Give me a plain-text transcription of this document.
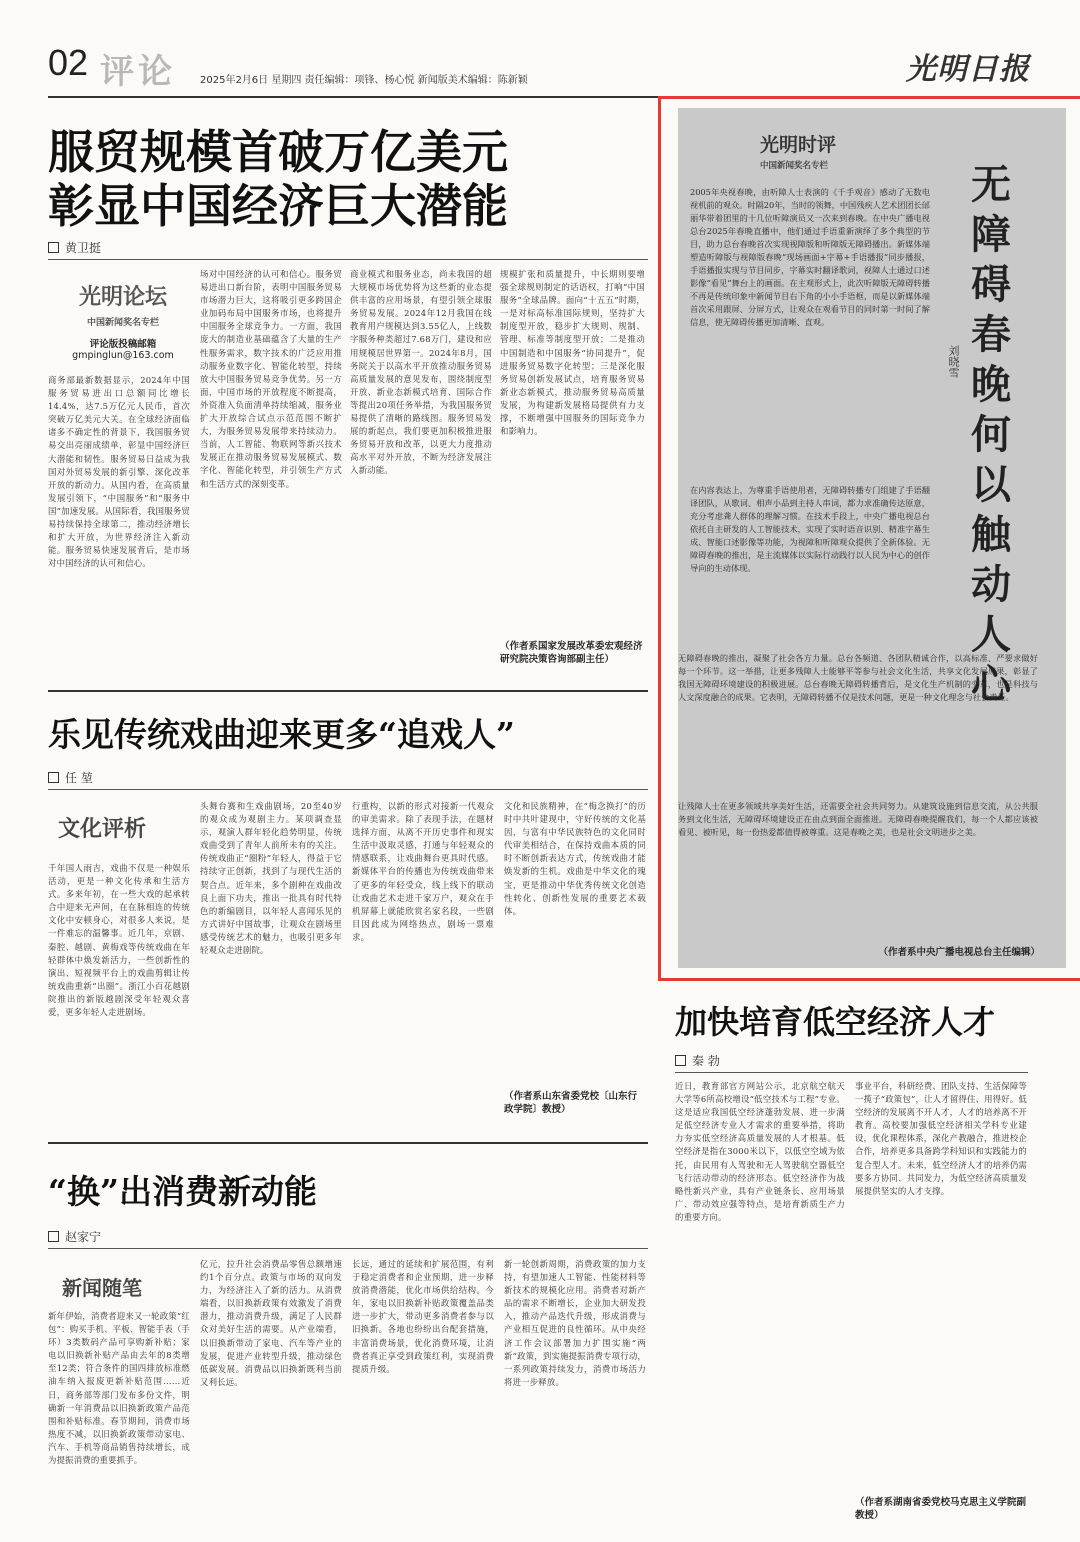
02 评论 2025年2月6日 星期四 责任编辑：项锋、杨心悦 新闻版美术编辑：陈新颖	光明日报
服贸规模首破万亿美元
彰显中国经济巨大潜能
黄卫挺
光明论坛
中国新闻奖名专栏
评论版投稿邮箱
gmpinglun@163.com
商务部最新数据显示，2024年中国服务贸易进出口总额同比增长14.4%，达7.5万亿元人民币，首次突破万亿美元大关。在全球经济面临诸多不确定性的背景下，我国服务贸易交出亮丽成绩单，彰显中国经济巨大潜能和韧性。服务贸易日益成为我国对外贸易发展的新引擎、深化改革开放的新动力。从国内看，在高质量发展引领下，“中国服务”和“服务中国”加速发展。从国际看，我国服务贸易持续保持全球第二，推动经济增长和扩大开放，为世界经济注入新动能。服务贸易快速发展背后，是市场对中国经济的认可和信心。
场对中国经济的认可和信心。服务贸易进出口新台阶，表明中国服务贸易市场潜力巨大，这将吸引更多跨国企业加码布局中国服务市场，也将提升中国服务全球竞争力。一方面，我国庞大的制造业基础蕴含了大量的生产性服务需求，数字技术的广泛应用推动服务业数字化、智能化转型，持续放大中国服务贸易竞争优势。另一方面，中国市场的开放程度不断提高，外资准入负面清单持续缩减，服务业扩大开放综合试点示范范围不断扩大，为服务贸易发展带来持续动力。当前，人工智能、物联网等新兴技术发展正在推动服务贸易发展模式、数字化、智能化转型，并引领生产方式和生活方式的深刻变革。
商业模式和服务业态，尚未我国的超大规模市场优势将为这些新的业态提供丰富的应用场景，有望引领全球服务贸易发展。2024年12月我国在线教育用户规模达到3.55亿人，上线数字服务种类超过7.68万门，建设和应用规模居世界第一。2024年8月，国务院关于以高水平开放推动服务贸易高质量发展的意见发布，围绕制度型开放、新业态新模式培育、国际合作等提出20项任务举措，为我国服务贸易提供了清晰的路线图。服务贸易发展的新起点，我们要更加积极推进服务贸易开放和改革，以更大力度推动高水平对外开放，不断为经济发展注入新动能。
规模扩张和质量提升，中长期则要增强全球规则制定的话语权，打响“中国服务”全球品牌。面向“十五五”时期，一是对标高标准国际规则，坚持扩大制度型开放，稳步扩大规则、规制、管理、标准等制度型开放；二是推动中国制造和中国服务“协同提升”，促进服务贸易数字化转型；三是深化服务贸易创新发展试点，培育服务贸易新业态新模式，推动服务贸易高质量发展，为构建新发展格局提供有力支撑，不断增强中国服务的国际竞争力和影响力。
（作者系国家发展改革委宏观经济研究院决策咨询部副主任）
乐见传统戏曲迎来更多“追戏人”
任 堃
文化评析
千年国人雨吉，戏曲不仅是一种娱乐活动，更是一种文化传承和生活方式。多来年初，在一些大戏的起承转合中迎来无声间，在在脉相连的传统文化中安顿身心，对很多人来说，是一件难忘的温馨事。近几年，京剧、秦腔、越剧、黄梅戏等传统戏曲在年轻群体中焕发新活力，一些创新性的演出、短视频平台上的戏曲剪辑让传统戏曲重新“出圈”。浙江小百花越剧院推出的新版越剧深受年轻观众喜爱，更多年轻人走进剧场。
头舞台赛和生戏曲剧场，20至40岁的观众成为观剧主力。某项调查显示，观演人群年轻化趋势明显，传统戏曲受到了青年人前所未有的关注。传统戏曲正“圈粉”年轻人，得益于它持续守正创新，找到了与现代生活的契合点。近年来，多个剧种在戏曲改良上面下功夫，推出一批具有时代特色的新编剧目，以年轻人喜闻乐见的方式讲好中国故事，让观众在剧场里感受传统艺术的魅力，也吸引更多年轻观众走进剧院。
行重构，以新的形式对接新一代观众的审美需求。除了表现手法，在题材选择方面，从离不开历史事件和现实生活中汲取灵感，打通与年轻观众的情感联系，让戏曲舞台更具时代感。新媒体平台的传播也为传统戏曲带来了更多的年轻受众，线上线下的联动让戏曲艺术走进千家万户，观众在手机屏幕上就能欣赏名家名段，一些剧目因此成为网络热点，剧场一票难求。
文化和民族精神，在“梅念换打”的历时中共叶建现中，守好传统的文化基因，与富有中华民族特色的文化同时代审美相结合，在保持戏曲本质的同时不断创新表达方式，传统戏曲才能焕发新的生机。戏曲是中华文化的瑰宝，更是推动中华优秀传统文化创造性转化、创新性发展的重要艺术载体。
（作者系山东省委党校〔山东行政学院〕教授）
“换”出消费新动能
赵家宁
新闻随笔
新年伊始，消费者迎来又一轮政策“红包”：购买手机、平板、智能手表（手环）3类数码产品可享购新补贴；家电以旧换新补贴产品由去年的8类增至12类；符合条件的国四排放标准燃油车纳入报废更新补贴范围……近日，商务部等部门发布多份文件，明确新一年消费品以旧换新政策产品范围和补贴标准。春节期间，消费市场热度不减，以旧换新政策带动家电、汽车、手机等商品销售持续增长，成为提振消费的重要抓手。
亿元，拉升社会消费品零售总额增速约1个百分点。政策与市场的双向发力，为经济注入了新的活力。从消费端看，以旧换新政策有效激发了消费潜力，推动消费升级，满足了人民群众对美好生活的需要。从产业端看，以旧换新带动了家电、汽车等产业的发展，促进产业转型升级，推动绿色低碳发展。消费品以旧换新既利当前又利长远。
长远，通过的延续和扩展范围，有利于稳定消费者和企业预期，进一步释放消费潜能，优化市场供给结构。今年，家电以旧换新补贴政策覆盖品类进一步扩大，带动更多消费者参与以旧换新。各地也纷纷出台配套措施，丰富消费场景，优化消费环境，让消费者真正享受到政策红利，实现消费提质升级。
新一轮创新周期，消费政策的加力支持，有望加速人工智能、性能材料等新技术的规模化应用。消费者对新产品的需求不断增长，企业加大研发投入，推动产品迭代升级，形成消费与产业相互促进的良性循环。从中央经济工作会议部署加力扩围实施“两新”政策，到实施提振消费专项行动，一系列政策持续发力，消费市场活力将进一步释放。
光明时评
中国新闻奖名专栏	无障碍春晚何以触动人心
刘晓雪
2005年央视春晚，由听障人士表演的《千手观音》感动了无数电视机前的观众。时隔20年，当时的领舞，中国残疾人艺术团团长邰丽华带着团里的十几位听障演员又一次来到春晚。在中央广播电视总台2025年春晚直播中，他们通过手语重新演绎了多个典型的节目，助力总台春晚首次实现视障版和听障版无障碍播出。新媒体端塑造听障版与视障版春晚“现场画面+字幕+手语播报”同步播报，手语播报实现与节目同步，字幕实时翻译歌词，视障人士通过口述影像“看见”舞台上的画面。在主观形式上，此次听障版无障碍转播不再是传统印象中新闻节目右下角的小小手语框，而是以新媒体端首次采用跟屏、分屏方式，让观众在观看节目的同时第一时间了解信息，使无障碍传播更加清晰、直观。
在内容表达上，为尊重手语使用者，无障碍转播专门组建了手语翻译团队，从歌词、相声小品到主持人串词，都力求准确传达原意，充分考虑聋人群体的理解习惯。在技术手段上，中央广播电视总台依托自主研发的人工智能技术，实现了实时语音识别、精准字幕生成、智能口述影像等功能，为视障和听障观众提供了全新体验。无障碍春晚的推出，是主流媒体以实际行动践行以人民为中心的创作导向的生动体现。
无障碍春晚的推出，凝聚了社会各方力量。总台各频道、各团队精诚合作，以高标准、严要求做好每一个环节。这一举措，让更多残障人士能够平等参与社会文化生活，共享文化发展成果，彰显了我国无障碍环境建设的积极进展。总台春晚无障碍转播背后，是文化生产机制的变革，也是科技与人文深度融合的成果。它表明，无障碍转播不仅是技术问题，更是一种文化理念与社会责任。
让残障人士在更多领域共享美好生活，还需要全社会共同努力。从建筑设施到信息交流，从公共服务到文化生活，无障碍环境建设正在由点到面全面推进。无障碍春晚提醒我们，每一个人都应该被看见、被听见，每一份热爱都值得被尊重。这是春晚之美，也是社会文明进步之美。
（作者系中央广播电视总台主任编辑）
加快培育低空经济人才
秦 勃
近日，教育部官方网站公示，北京航空航天大学等6所高校增设“低空技术与工程”专业。这是适应我国低空经济蓬勃发展、进一步满足低空经济专业人才需求的重要举措，将助力夯实低空经济高质量发展的人才根基。低空经济是指在3000米以下，以低空空域为依托，由民用有人驾驶和无人驾驶航空器低空飞行活动带动的经济形态。低空经济作为战略性新兴产业，具有产业链条长、应用场景广、带动效应强等特点，是培育新质生产力的重要方向。
事业平台，科研经费、团队支持、生活保障等一揽子“政策包”，让人才留得住、用得好。低空经济的发展离不开人才，人才的培养离不开教育。高校要加强低空经济相关学科专业建设，优化课程体系，深化产教融合，推进校企合作，培养更多具备跨学科知识和实践能力的复合型人才。未来，低空经济人才的培养仍需要多方协同、共同发力，为低空经济高质量发展提供坚实的人才支撑。
（作者系湖南省委党校马克思主义学院副教授）
